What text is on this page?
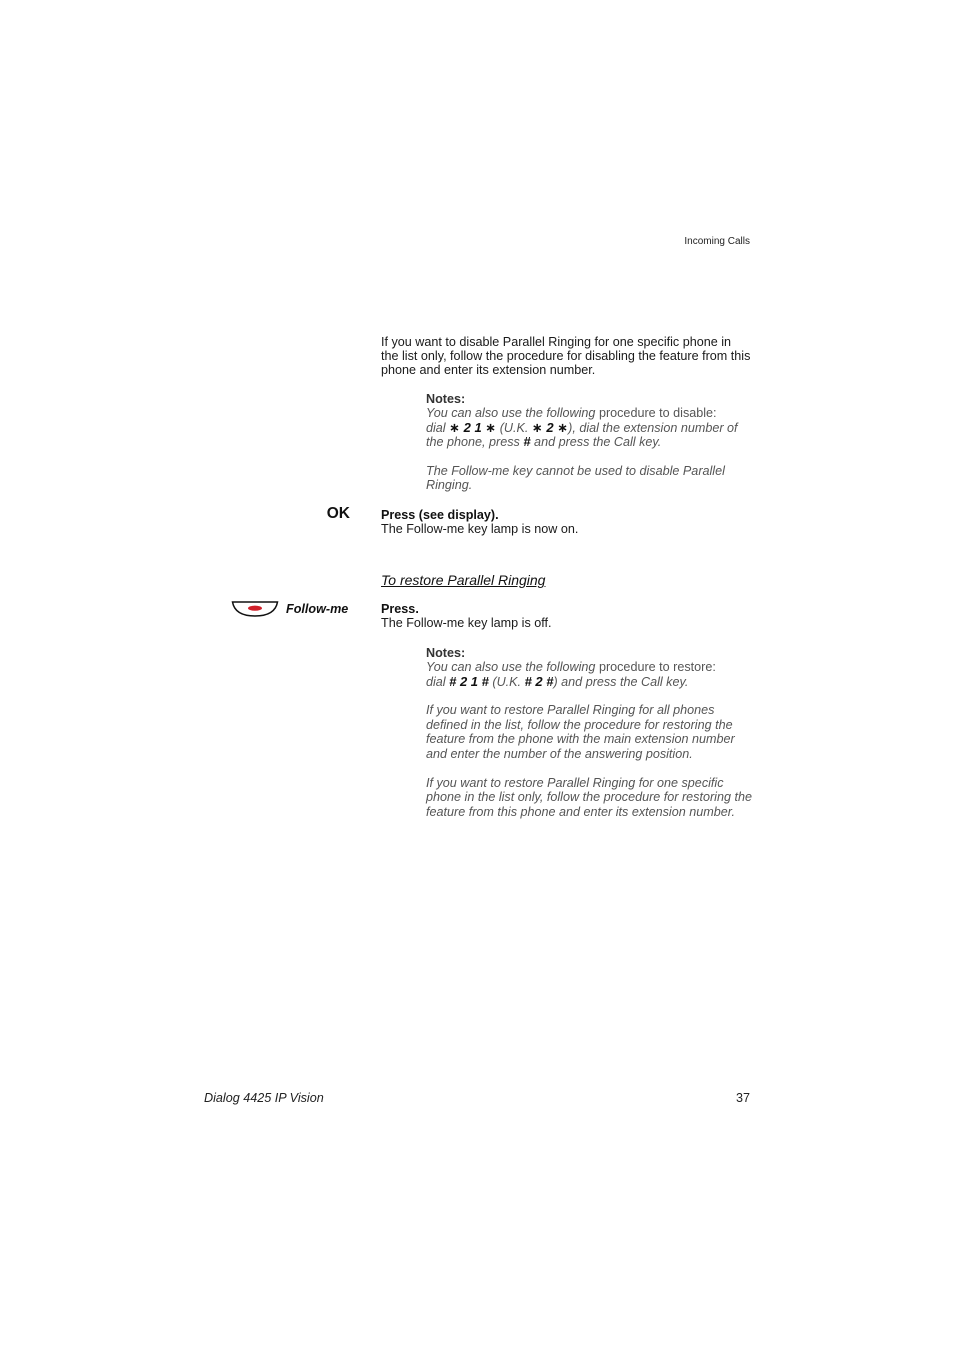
Incoming Calls
If you want to disable Parallel Ringing for one specific phone in the list only, follow the procedure for disabling the feature from this phone and enter its extension number.
Notes:
You can also use the following procedure to disable:
dial ∗ 2 1 ∗ (U.K. ∗ 2 ∗), dial the extension number of the phone, press # and press the Call key.
The Follow-me key cannot be used to disable Parallel Ringing.
OK Press (see display).
The Follow-me key lamp is now on.
To restore Parallel Ringing
Follow-me	Press.
The Follow-me key lamp is off.
Notes:
You can also use the following procedure to restore:
dial # 2 1 # (U.K. # 2 #) and press the Call key.
If you want to restore Parallel Ringing for all phones defined in the list, follow the procedure for restoring the feature from the phone with the main extension number and enter the number of the answering position.
If you want to restore Parallel Ringing for one specific phone in the list only, follow the procedure for restoring the feature from this phone and enter its extension number.
Dialog 4425 IP Vision	37
